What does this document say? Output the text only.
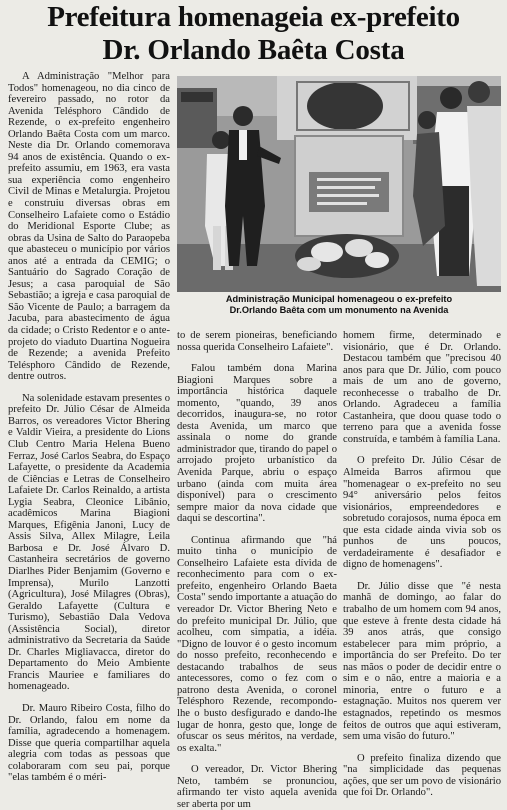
Prefeitura homenageia ex-prefeito
Dr. Orlando Baêta Costa

A Administração "Melhor para Todos" homenageou, no dia cinco de fevereiro passado, no rotor da Avenida Telésphoro Cândido de Rezende, o ex-prefeito engenheiro Orlando Baêta Costa com um marco. Neste dia Dr. Orlando comemorava 94 anos de existência. Quando o ex-prefeito assumiu, em 1963, era vasta sua experiência como engenheiro Civil de Minas e Metalurgia. Projetou e construiu diversas obras em Conselheiro Lafaiete como o Estádio do Meridional Esporte Clube; as obras da Usina de Salto do Paraopeba que abasteceu o município por vários anos até a entrada da CEMIG; o Santuário do Sagrado Coração de Jesus; a casa paroquial de São Sebastião; a igreja e casa paroquial de São Vicente de Paulo; a barragem da Jacuba, para abastecimento de água da cidade; o Cristo Redentor e o ante-projeto do viaduto Duartina Nogueira de Rezende; a avenida Prefeito Telésphoro Cândido de Rezende, dentre outros.

Na solenidade estavam presentes o prefeito Dr. Júlio César de Almeida Barros, os vereadores Victor Bhering e Valdir Vieira, a presidente do Lions Club Centro Maria Helena Bueno Ferraz, José Carlos Seabra, do Espaço Lafayette, o presidente da Academia de Ciências e Letras de Conselheiro Lafaiete Dr. Carlos Reinaldo, a artista Lygia Seabra, Cleonice Libânio, acadêmicos Marina Biagioni Marques, Efigênia Janoni, Lucy de Assis Silva, Allex Milagre, Leila Barbosa e Dr. José Álvaro D. Castanheira secretários de governo Diarlhes Pider Benjamim (Governo e Imprensa), Murilo Lanzotti (Agricultura), José Milagres (Obras), Geraldo Lafayette (Cultura e Turismo), Sebastião Dala Vedova (Assistência Social), diretor administrativo da Secretaria da Saúde Dr. Charles Migliavacca, diretor do Departamento do Meio Ambiente Francis Mauriee e familiares do homenageado.

Dr. Mauro Ribeiro Costa, filho do Dr. Orlando, falou em nome da família, agradecendo a homenagem. Disse que queria compartilhar aquela alegria com todas as pessoas que colaboraram com seu pai, porque "elas também é o méri-

Administração Municipal homenageou o ex-prefeito
Dr.Orlando Baêta com um monumento na Avenida

to de serem pioneiras, beneficiando nossa querida Conselheiro Lafaiete".

Falou também dona Marina Biagioni Marques sobre a importância histórica daquele momento, "quando, 39 anos decorridos, inaugura-se, no rotor desta Avenida, um marco que assinala o nome do grande administrador que, tirando do papel o arrojado projeto urbanístico da Avenida Parque, abriu o espaço urbano (ainda com muita área disponível) para o crescimento sempre maior da nova cidade que daqui se descortina".

Continua afirmando que "há muito tinha o município de Conselheiro Lafaiete esta dívida de reconhecimento para com o ex-prefeito, engenheiro Orlando Baeta Costa" sendo importante a atuação do vereador Dr. Victor Bhering Neto e do prefeito municipal Dr. Júlio, que acolheu, com simpatia, a idéia. "Digno de louvor é o gesto incomum do nosso prefeito, reconhecendo e destacando trabalhos de seus antecessores, como o fez com o patrono desta Avenida, o coronel Telésphoro Rezende, recompondo-lhe o busto desfigurado e dando-lhe lugar de honra, gesto que, longe de ofuscar os seus méritos, na verdade, os exalta."

O vereador, Dr. Victor Bhering Neto, também se pronunciou, afirmando ter visto aquela avenida ser aberta por um

homem firme, determinado e visionário, que é Dr. Orlando. Destacou também que "precisou 40 anos para que Dr. Júlio, com pouco mais de um ano de governo, reconhecesse o trabalho de Dr. Orlando. Agradeceu a família Castanheira, que doou quase todo o terreno para que a avenida fosse construída, e também à família Lana.

O prefeito Dr. Júlio César de Almeida Barros afirmou que "homenagear o ex-prefeito no seu 94° aniversário pelos feitos visionários, empreendedores e sobretudo corajosos, numa época em que esta cidade ainda vivia sob os punhos de uns poucos, verdadeiramente é desafiador e digno de homenagens".

Dr. Júlio disse que "é nesta manhã de domingo, ao falar do trabalho de um homem com 94 anos, que esteve à frente desta cidade há 39 anos atrás, que consigo estabelecer para mim próprio, a importância do ser Prefeito. Do ter nas mãos o poder de decidir entre o sim e o não, entre a maioria e a minoria, entre o futuro e a estagnação. Muitos nos querem ver estagnados, repetindo os mesmos feitos de outros que aqui estiveram, sem uma visão do futuro."

O prefeito finaliza dizendo que "na simplicidade das pequenas ações, que ser um povo de visionário que foi Dr. Orlando".
